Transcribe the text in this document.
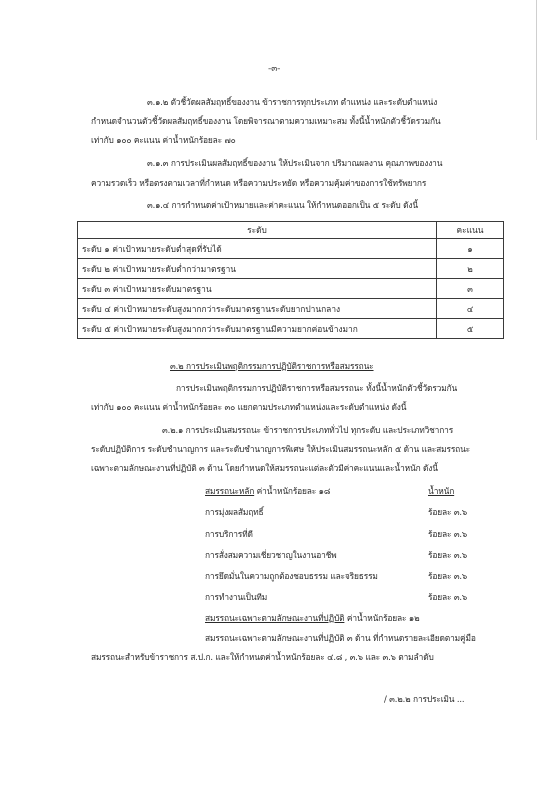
-๓-
๓.๑.๒ ตัวชี้วัดผลสัมฤทธิ์ของงาน ข้าราชการทุกประเภท ตำแหน่ง และระดับตำแหน่ง
กำหนดจำนวนตัวชี้วัดผลสัมฤทธิ์ของงาน โดยพิจารณาตามความเหมาะสม ทั้งนี้น้ำหนักตัวชี้วัดรวมกัน
เท่ากับ ๑๐๐ คะแนน ค่าน้ำหนักร้อยละ ๗๐
๓.๑.๓ การประเมินผลสัมฤทธิ์ของงาน ให้ประเมินจาก ปริมาณผลงาน คุณภาพของงาน
ความรวดเร็ว หรือตรงตามเวลาที่กำหนด หรือความประหยัด หรือความคุ้มค่าของการใช้ทรัพยากร
๓.๑.๔ การกำหนดค่าเป้าหมายและค่าคะแนน ให้กำหนดออกเป็น ๕ ระดับ ดังนี้
ระดับ	คะแนน
ระดับ ๑ ค่าเป้าหมายระดับต่ำสุดที่รับได้	๑
ระดับ ๒ ค่าเป้าหมายระดับต่ำกว่ามาตรฐาน	๒
ระดับ ๓ ค่าเป้าหมายระดับมาตรฐาน	๓
ระดับ ๔ ค่าเป้าหมายระดับสูงมากกว่าระดับมาตรฐานระดับยากปานกลาง	๔
ระดับ ๕ ค่าเป้าหมายระดับสูงมากกว่าระดับมาตรฐานมีความยากค่อนข้างมาก	๕
๓.๒ การประเมินพฤติกรรมการปฏิบัติราชการหรือสมรรถนะ
การประเมินพฤติกรรมการปฏิบัติราชการหรือสมรรถนะ ทั้งนี้น้ำหนักตัวชี้วัดรวมกัน
เท่ากับ ๑๐๐ คะแนน ค่าน้ำหนักร้อยละ ๓๐ แยกตามประเภทตำแหน่งและระดับตำแหน่ง ดังนี้
๓.๒.๑ การประเมินสมรรถนะ ข้าราชการประเภททั่วไป ทุกระดับ และประเภทวิชาการ
ระดับปฏิบัติการ ระดับชำนาญการ และระดับชำนาญการพิเศษ ให้ประเมินสมรรถนะหลัก ๕ ด้าน และสมรรถนะ
เฉพาะตามลักษณะงานที่ปฏิบัติ ๓ ด้าน โดยกำหนดให้สมรรถนะแต่ละตัวมีค่าคะแนนและน้ำหนัก ดังนี้
สมรรถนะหลัก ค่าน้ำหนักร้อยละ ๑๘	น้ำหนัก
การมุ่งผลสัมฤทธิ์	ร้อยละ ๓.๖
การบริการที่ดี	ร้อยละ ๓.๖
การสั่งสมความเชี่ยวชาญในงานอาชีพ	ร้อยละ ๓.๖
การยึดมั่นในความถูกต้องชอบธรรม และจริยธรรม	ร้อยละ ๓.๖
การทำงานเป็นทีม	ร้อยละ ๓.๖
สมรรถนะเฉพาะตามลักษณะงานที่ปฏิบัติ ค่าน้ำหนักร้อยละ ๑๒
สมรรถนะเฉพาะตามลักษณะงานที่ปฏิบัติ ๓ ด้าน ที่กำหนดรายละเอียดตามคู่มือ
สมรรถนะสำหรับข้าราชการ ส.ป.ก. และให้กำหนดค่าน้ำหนักร้อยละ ๔.๘ , ๓.๖ และ ๓.๖ ตามลำดับ
/ ๓.๒.๒ การประเมิน ...
